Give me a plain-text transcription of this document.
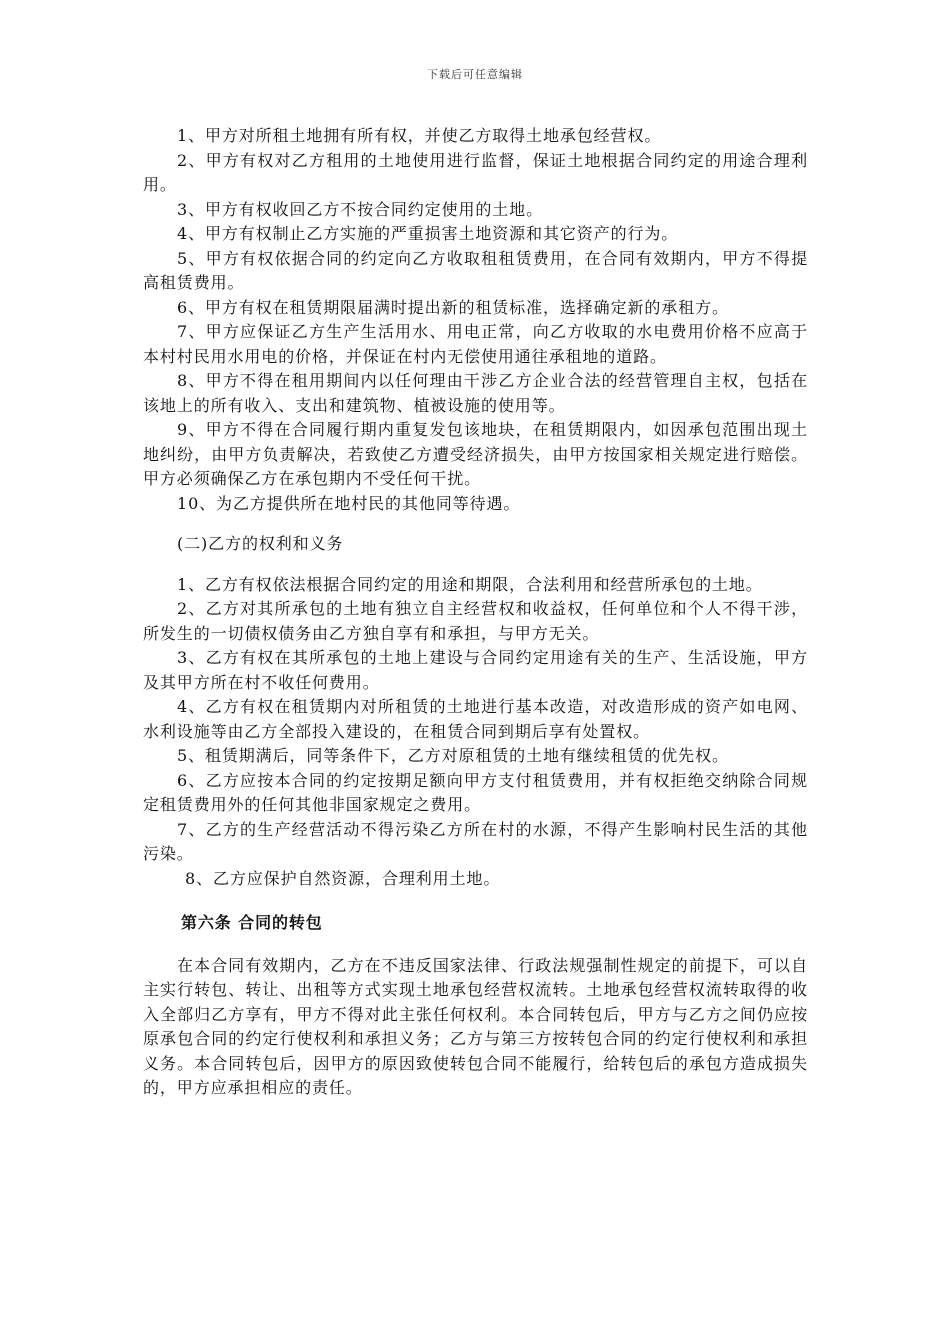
下载后可任意编辑

1、甲方对所租土地拥有所有权，并使乙方取得土地承包经营权。

2、甲方有权对乙方租用的土地使用进行监督，保证土地根据合同约定的用途合理利用。

3、甲方有权收回乙方不按合同约定使用的土地。

4、甲方有权制止乙方实施的严重损害土地资源和其它资产的行为。

5、甲方有权依据合同的约定向乙方收取租租赁费用，在合同有效期内，甲方不得提高租赁费用。

6、甲方有权在租赁期限届满时提出新的租赁标准，选择确定新的承租方。

7、甲方应保证乙方生产生活用水、用电正常，向乙方收取的水电费用价格不应高于本村村民用水用电的价格，并保证在村内无偿使用通往承租地的道路。

8、甲方不得在租用期间内以任何理由干涉乙方企业合法的经营管理自主权，包括在该地上的所有收入、支出和建筑物、植被设施的使用等。

9、甲方不得在合同履行期内重复发包该地块，在租赁期限内，如因承包范围出现土地纠纷，由甲方负责解决，若致使乙方遭受经济损失，由甲方按国家相关规定进行赔偿。甲方必须确保乙方在承包期内不受任何干扰。

10、为乙方提供所在地村民的其他同等待遇。

(二)乙方的权利和义务

1、乙方有权依法根据合同约定的用途和期限，合法利用和经营所承包的土地。

2、乙方对其所承包的土地有独立自主经营权和收益权，任何单位和个人不得干涉，所发生的一切债权债务由乙方独自享有和承担，与甲方无关。

3、乙方有权在其所承包的土地上建设与合同约定用途有关的生产、生活设施，甲方及其甲方所在村不收任何费用。

4、乙方有权在租赁期内对所租赁的土地进行基本改造，对改造形成的资产如电网、水利设施等由乙方全部投入建设的，在租赁合同到期后享有处置权。

5、租赁期满后，同等条件下，乙方对原租赁的土地有继续租赁的优先权。

6、乙方应按本合同的约定按期足额向甲方支付租赁费用，并有权拒绝交纳除合同规定租赁费用外的任何其他非国家规定之费用。

7、乙方的生产经营活动不得污染乙方所在村的水源，不得产生影响村民生活的其他污染。

8、乙方应保护自然资源，合理利用土地。

第六条 合同的转包

在本合同有效期内，乙方在不违反国家法律、行政法规强制性规定的前提下，可以自主实行转包、转让、出租等方式实现土地承包经营权流转。土地承包经营权流转取得的收入全部归乙方享有，甲方不得对此主张任何权利。本合同转包后，甲方与乙方之间仍应按原承包合同的约定行使权利和承担义务；乙方与第三方按转包合同的约定行使权利和承担义务。本合同转包后，因甲方的原因致使转包合同不能履行，给转包后的承包方造成损失的，甲方应承担相应的责任。
